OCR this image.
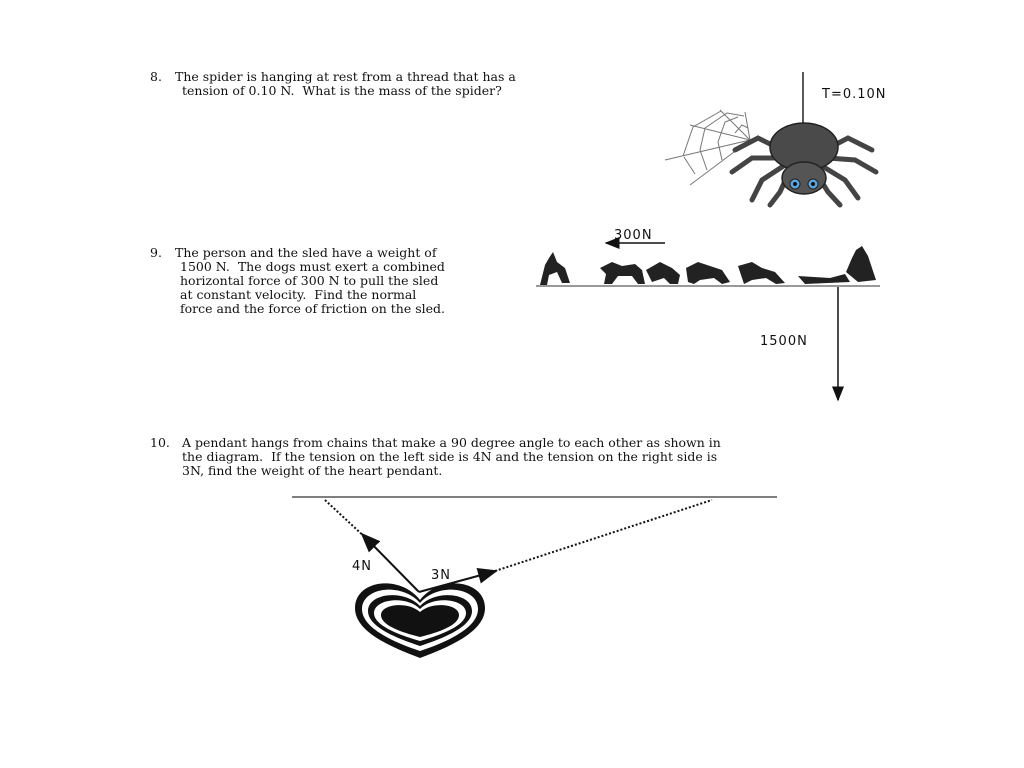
8. The spider is hanging at rest from a thread that has a
tension of 0.10 N.  What is the mass of the spider?
9. The person and the sled have a weight of
1500 N.  The dogs must exert a combined
horizontal force of 300 N to pull the sled
at constant velocity.  Find the normal
force and the force of friction on the sled.
10. A pendant hangs from chains that make a 90 degree angle to each other as shown in
the diagram.  If the tension on the left side is 4N and the tension on the right side is
3N, find the weight of the heart pendant.
T=0.10N
300N
1500N
4N
3N
